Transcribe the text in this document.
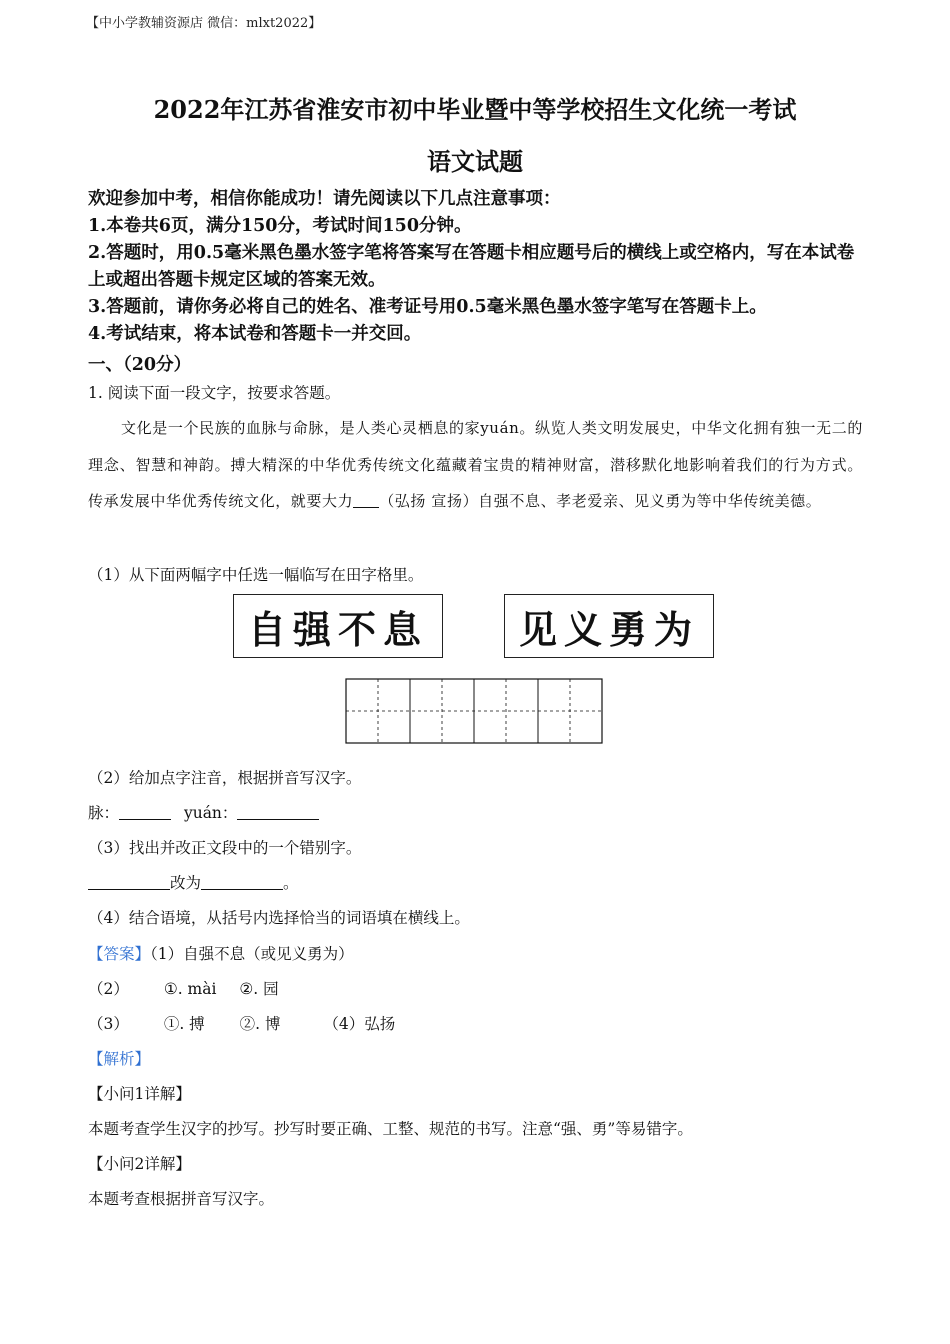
【中小学教辅资源店 微信：mlxt2022】
2022年江苏省淮安市初中毕业暨中等学校招生文化统一考试
语文试题

欢迎参加中考，相信你能成功！请先阅读以下几点注意事项：

1.本卷共6页，满分150分，考试时间150分钟。

2.答题时，用0.5毫米黑色墨水签字笔将答案写在答题卡相应题号后的横线上或空格内，写在本试卷上或超出答题卡规定区域的答案无效。

3.答题前，请你务必将自己的姓名、准考证号用0.5毫米黑色墨水签字笔写在答题卡上。

4.考试结束，将本试卷和答题卡一并交回。

一、（20分）
1. 阅读下面一段文字，按要求答题。

文化是一个民族的血脉与命脉，是人类心灵栖息的家yuán。纵览人类文明发展史，中华文化拥有独一无二的理念、智慧和神韵。搏大精深的中华优秀传统文化蕴藏着宝贵的精神财富，潜移默化地影响着我们的行为方式。传承发展中华优秀传统文化，就要大力 （弘扬 宣扬）自强不息、孝老爱亲、见义勇为等中华传统美德。

（1）从下面两幅字中任选一幅临写在田字格里。
自强不息	见义勇为
（2）给加点字注音，根据拼音写汉字。
脉：	yuán：
（3）找出并改正文段中的一个错别字。
改为	。
（4）结合语境，从括号内选择恰当的词语填在横线上。
【答案】（1）自强不息（或见义勇为）
（2） ①. mài ②. 园
（3） ①. 搏 ②. 博	（4）弘扬
【解析】
【小问1详解】
本题考查学生汉字的抄写。抄写时要正确、工整、规范的书写。注意“强、勇”等易错字。
【小问2详解】
本题考查根据拼音写汉字。
